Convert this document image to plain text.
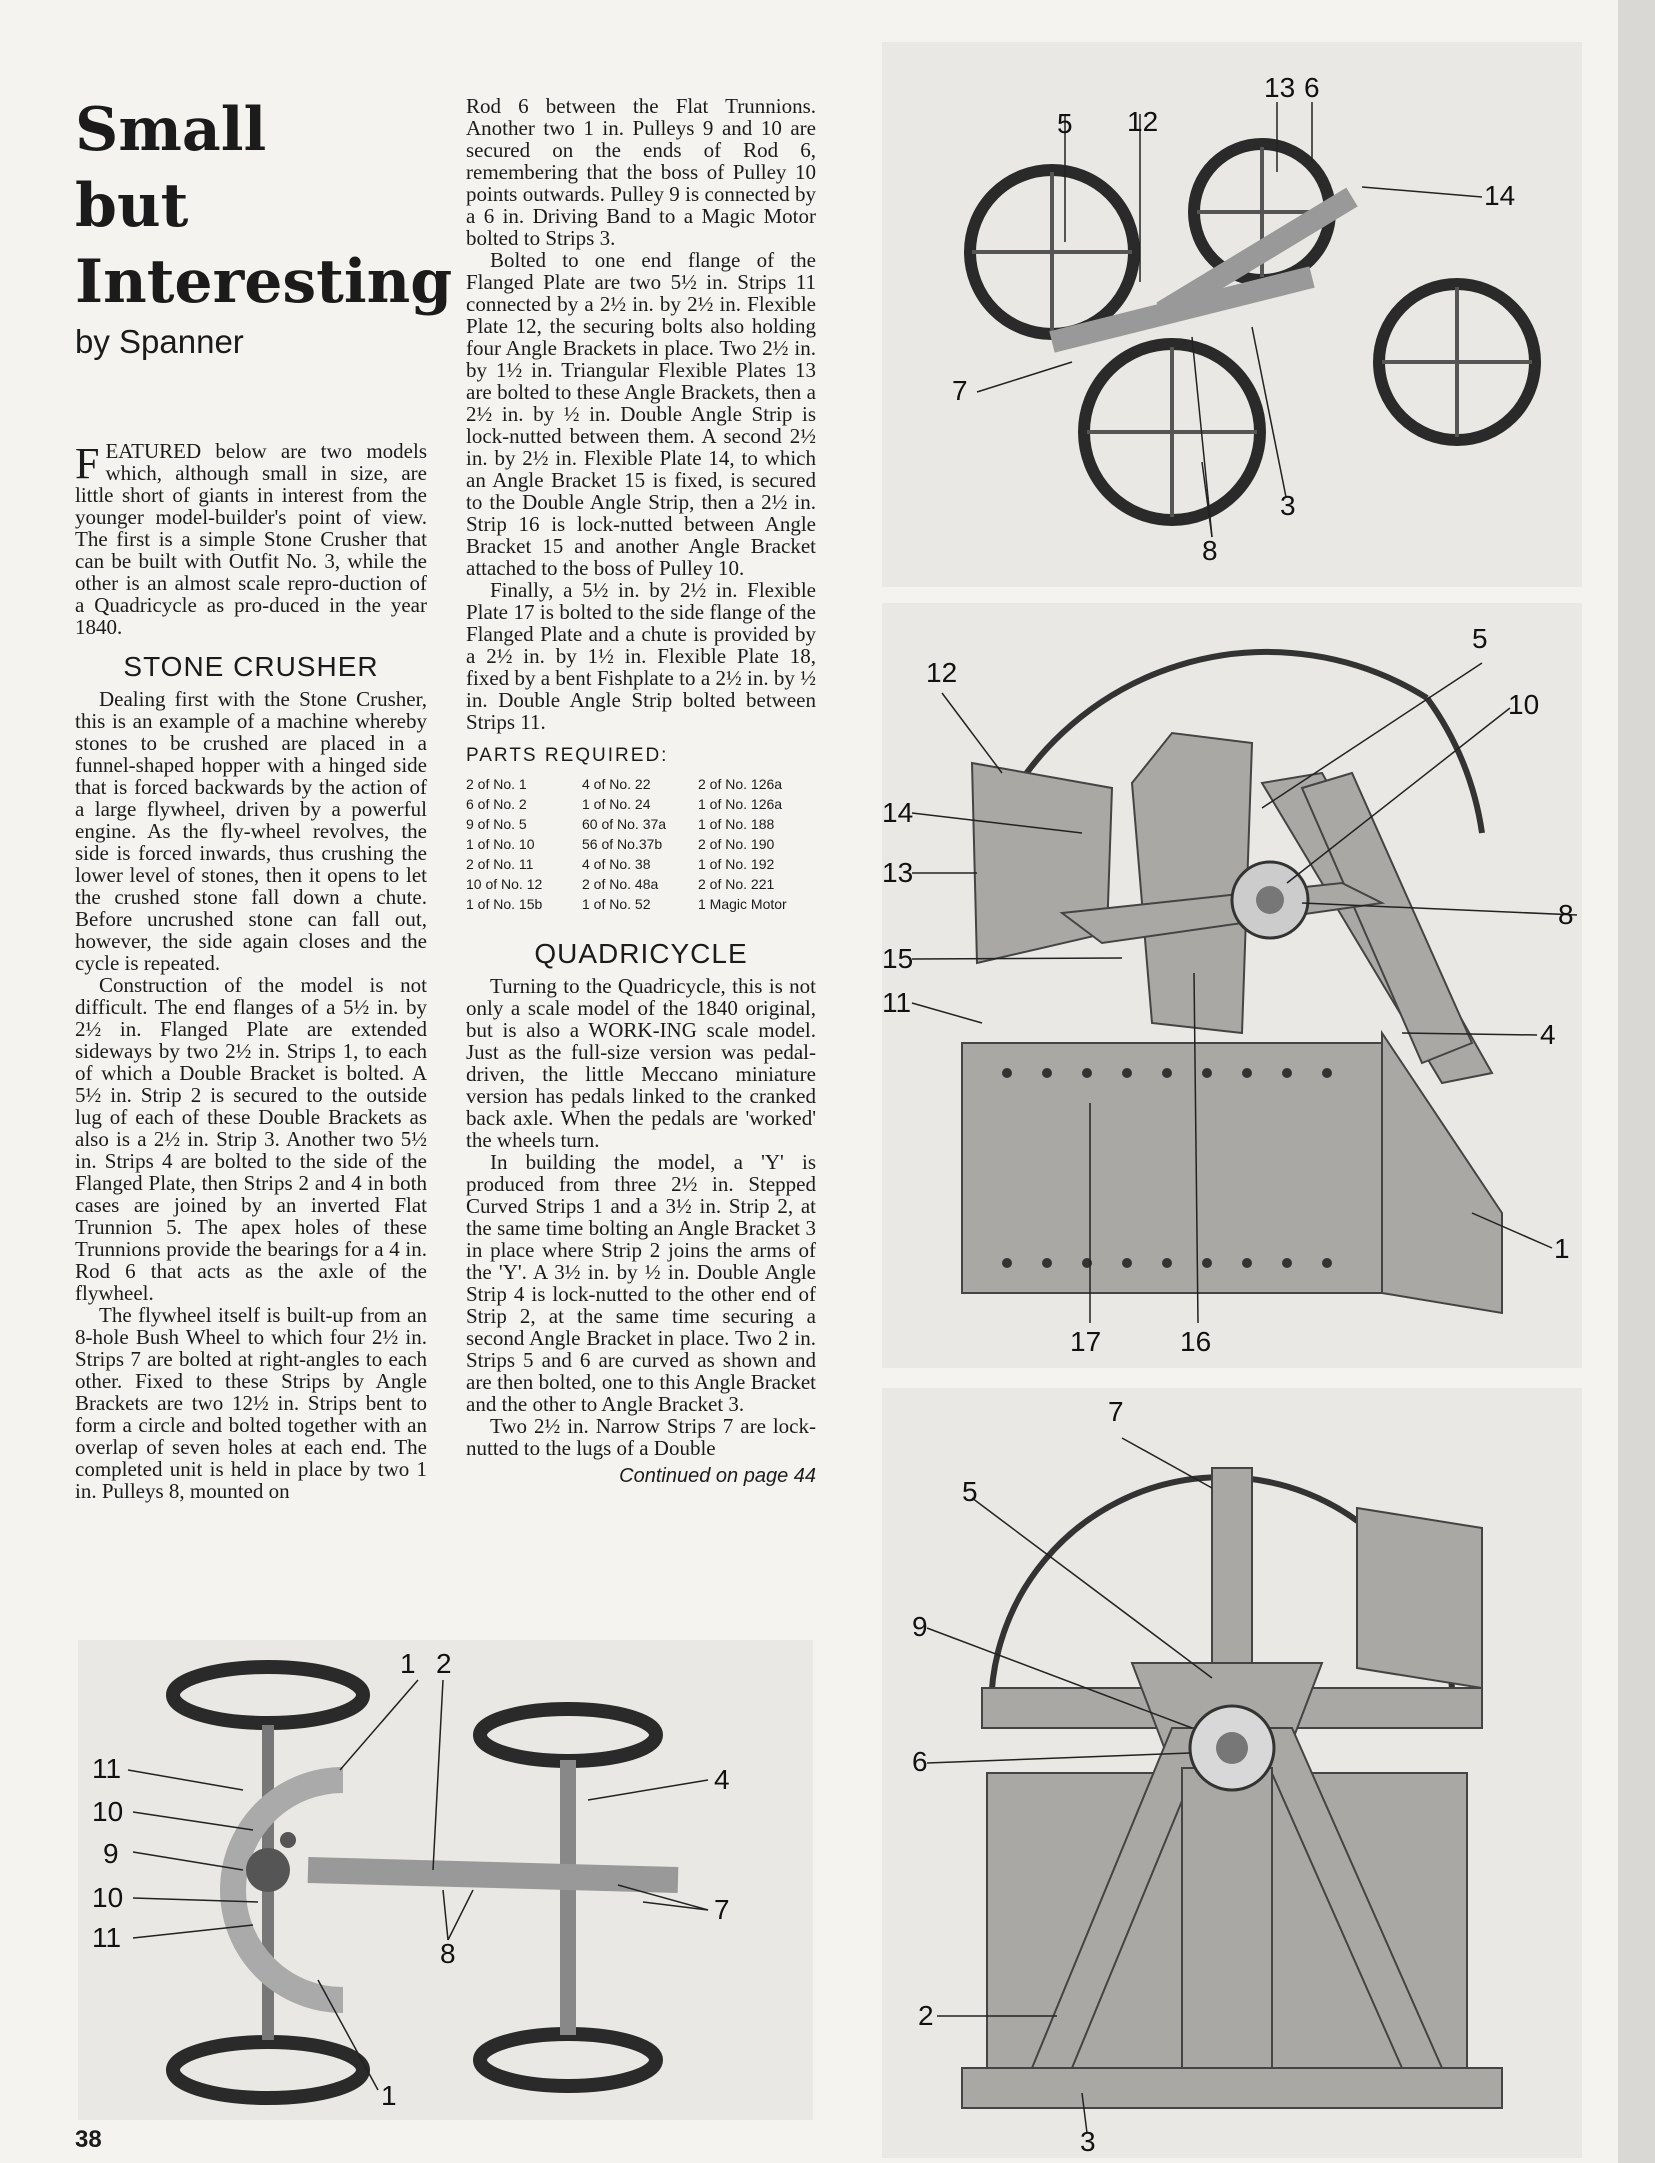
Small
but
Interesting
by Spanner

FEATURED below are two models which, although small in size, are little short of giants in interest from the younger model-builder's point of view. The first is a simple Stone Crusher that can be built with Outfit No. 3, while the other is an almost scale repro-duction of a Quadricycle as pro-duced in the year 1840.

STONE CRUSHER

Dealing first with the Stone Crusher, this is an example of a machine whereby stones to be crushed are placed in a funnel-shaped hopper with a hinged side that is forced backwards by the action of a large flywheel, driven by a powerful engine. As the fly-wheel revolves, the side is forced inwards, thus crushing the lower level of stones, then it opens to let the crushed stone fall down a chute. Before uncrushed stone can fall out, however, the side again closes and the cycle is repeated.

Construction of the model is not difficult. The end flanges of a 5½ in. by 2½ in. Flanged Plate are extended sideways by two 2½ in. Strips 1, to each of which a Double Bracket is bolted. A 5½ in. Strip 2 is secured to the outside lug of each of these Double Brackets as also is a 2½ in. Strip 3. Another two 5½ in. Strips 4 are bolted to the side of the Flanged Plate, then Strips 2 and 4 in both cases are joined by an inverted Flat Trunnion 5. The apex holes of these Trunnions provide the bearings for a 4 in. Rod 6 that acts as the axle of the flywheel.

The flywheel itself is built-up from an 8-hole Bush Wheel to which four 2½ in. Strips 7 are bolted at right-angles to each other. Fixed to these Strips by Angle Brackets are two 12½ in. Strips bent to form a circle and bolted together with an overlap of seven holes at each end. The completed unit is held in place by two 1 in. Pulleys 8, mounted on

Rod 6 between the Flat Trunnions. Another two 1 in. Pulleys 9 and 10 are secured on the ends of Rod 6, remembering that the boss of Pulley 10 points outwards. Pulley 9 is connected by a 6 in. Driving Band to a Magic Motor bolted to Strips 3.

Bolted to one end flange of the Flanged Plate are two 5½ in. Strips 11 connected by a 2½ in. by 2½ in. Flexible Plate 12, the securing bolts also holding four Angle Brackets in place. Two 2½ in. by 1½ in. Triangular Flexible Plates 13 are bolted to these Angle Brackets, then a 2½ in. by ½ in. Double Angle Strip is lock-nutted between them. A second 2½ in. by 2½ in. Flexible Plate 14, to which an Angle Bracket 15 is fixed, is secured to the Double Angle Strip, then a 2½ in. Strip 16 is lock-nutted between Angle Bracket 15 and another Angle Bracket attached to the boss of Pulley 10.

Finally, a 5½ in. by 2½ in. Flexible Plate 17 is bolted to the side flange of the Flanged Plate and a chute is provided by a 2½ in. by 1½ in. Flexible Plate 18, fixed by a bent Fishplate to a 2½ in. by ½ in. Double Angle Strip bolted between Strips 11.

PARTS REQUIRED:
2 of No. 1	4 of No. 22	2 of No. 126a
6 of No. 2	1 of No. 24	1 of No. 126a
9 of No. 5	60 of No. 37a	1 of No. 188
1 of No. 10	56 of No.37b	2 of No. 190
2 of No. 11	4 of No. 38	1 of No. 192
10 of No. 12	2 of No. 48a	2 of No. 221
1 of No. 15b	1 of No. 52	1 Magic Motor
QUADRICYCLE

Turning to the Quadricycle, this is not only a scale model of the 1840 original, but is also a WORK-ING scale model. Just as the full-size version was pedal-driven, the little Meccano miniature version has pedals linked to the cranked back axle. When the pedals are 'worked' the wheels turn.

In building the model, a 'Y' is produced from three 2½ in. Stepped Curved Strips 1 and a 3½ in. Strip 2, at the same time bolting an Angle Bracket 3 in place where Strip 2 joins the arms of the 'Y'. A 3½ in. by ½ in. Double Angle Strip 4 is lock-nutted to the other end of Strip 2, at the same time securing a second Angle Bracket in place. Two 2 in. Strips 5 and 6 are curved as shown and are then bolted, one to this Angle Bracket and the other to Angle Bracket 3.

Two 2½ in. Narrow Strips 7 are lock-nutted to the lugs of a Double

Continued on page 44
1 2
11
10
9
10
11
4
7
8
1
13 6
5 12
14
7
3
8
12
5
10
14
13
8
15
11
4
1
17	16
7
5
9
6
2
3
38
